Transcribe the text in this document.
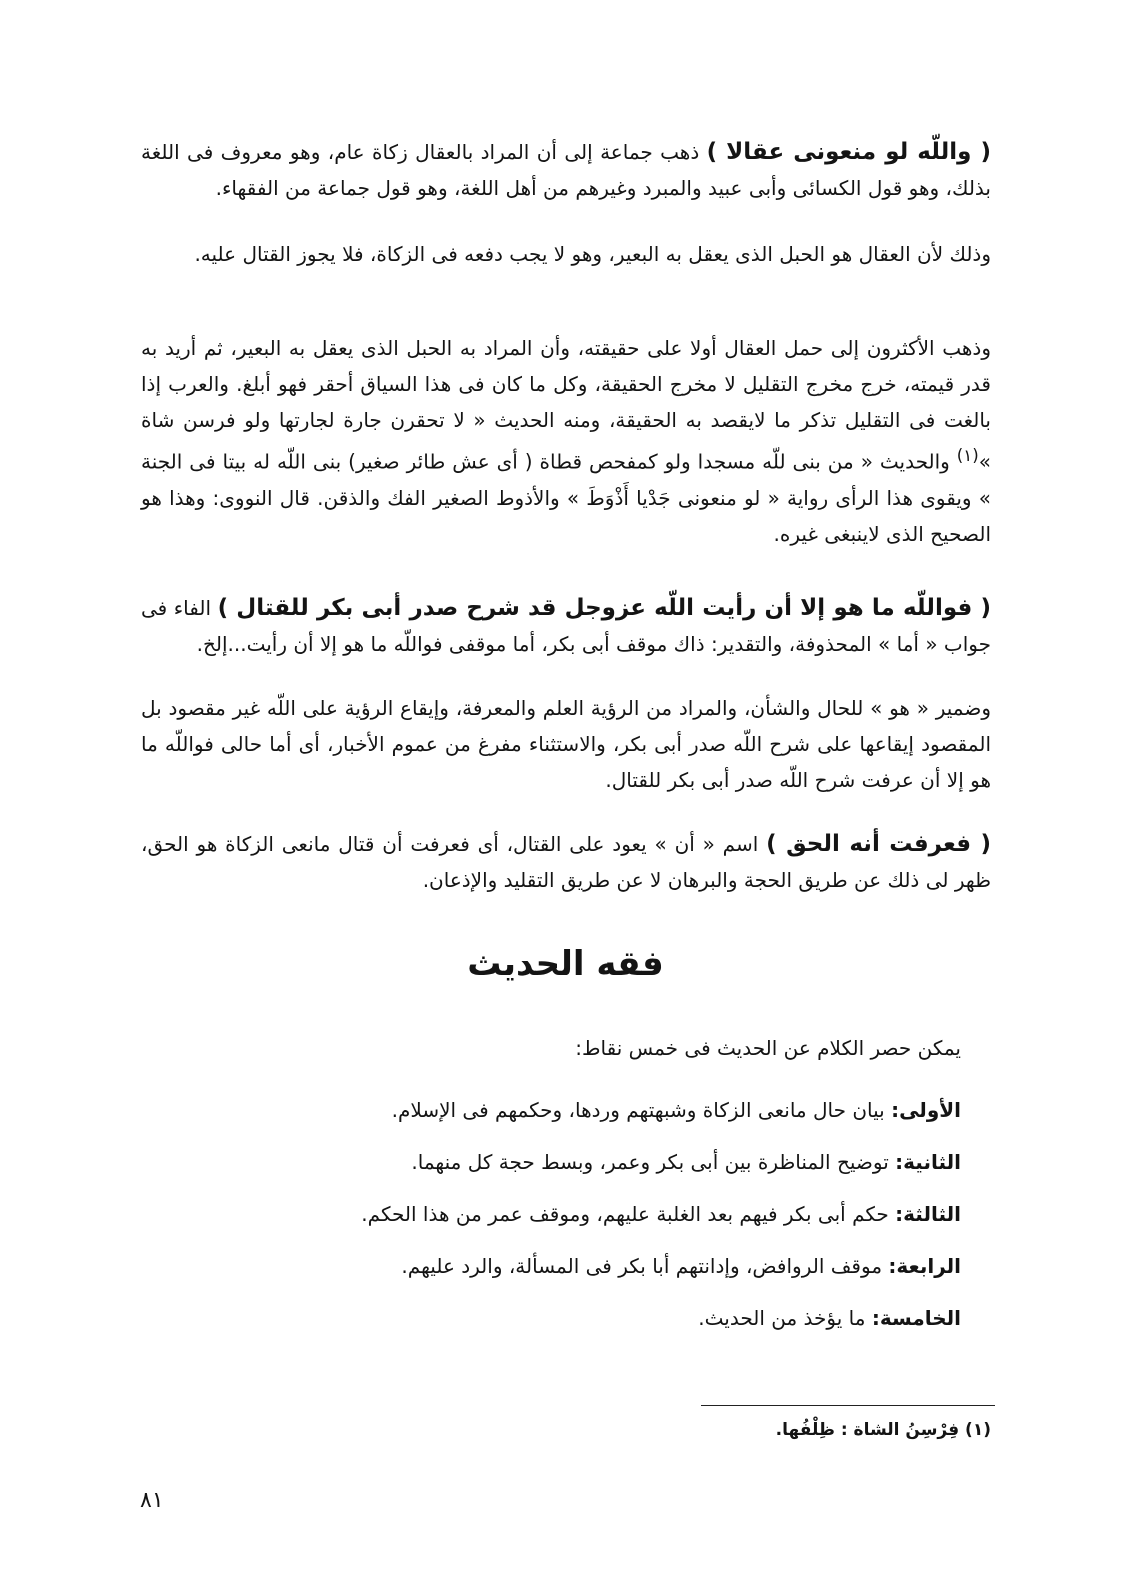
( واللّه لو منعونى عقالا ) ذهب جماعة إلى أن المراد بالعقال زكاة عام، وهو معروف فى اللغة بذلك، وهو قول الكسائى وأبى عبيد والمبرد وغيرهم من أهل اللغة، وهو قول جماعة من الفقهاء.

وذلك لأن العقال هو الحبل الذى يعقل به البعير، وهو لا يجب دفعه فى الزكاة، فلا يجوز القتال عليه.

وذهب الأكثرون إلى حمل العقال أولا على حقيقته، وأن المراد به الحبل الذى يعقل به البعير، ثم أريد به قدر قيمته، خرج مخرج التقليل لا مخرج الحقيقة، وكل ما كان فى هذا السياق أحقر فهو أبلغ. والعرب إذا بالغت فى التقليل تذكر ما لايقصد به الحقيقة، ومنه الحديث « لا تحقرن جارة لجارتها ولو فرسن شاة »$^{(١)}$ والحديث « من بنى للّه مسجدا ولو كمفحص قطاة ( أى عش طائر صغير) بنى اللّه له بيتا فى الجنة » ويقوى هذا الرأى رواية « لو منعونى جَدْيا أَذْوَطَ » والأذوط الصغير الفك والذقن. قال النووى: وهذا هو الصحيح الذى لاينبغى غيره.

( فواللّه ما هو إلا أن رأيت اللّه عزوجل قد شرح صدر أبى بكر للقتال ) الفاء فى جواب « أما » المحذوفة، والتقدير: ذاك موقف أبى بكر، أما موقفى فواللّه ما هو إلا أن رأيت...إلخ.

وضمير « هو » للحال والشأن، والمراد من الرؤية العلم والمعرفة، وإيقاع الرؤية على اللّه غير مقصود بل المقصود إيقاعها على شرح اللّه صدر أبى بكر، والاستثناء مفرغ من عموم الأخبار، أى أما حالى فواللّه ما هو إلا أن عرفت شرح اللّه صدر أبى بكر للقتال.

( فعرفت أنه الحق ) اسم « أن » يعود على القتال، أى فعرفت أن قتال مانعى الزكاة هو الحق، ظهر لى ذلك عن طريق الحجة والبرهان لا عن طريق التقليد والإذعان.

فقه الحديث

يمكن حصر الكلام عن الحديث فى خمس نقاط:

الأولى: بيان حال مانعى الزكاة وشبهتهم وردها، وحكمهم فى الإسلام.
الثانية: توضيح المناظرة بين أبى بكر وعمر، وبسط حجة كل منهما.
الثالثة: حكم أبى بكر فيهم بعد الغلبة عليهم، وموقف عمر من هذا الحكم.
الرابعة: موقف الروافض، وإدانتهم أبا بكر فى المسألة، والرد عليهم.
الخامسة: ما يؤخذ من الحديث.

(١) فِرْسِنُ الشاة : ظِلْفُها.

٨١
